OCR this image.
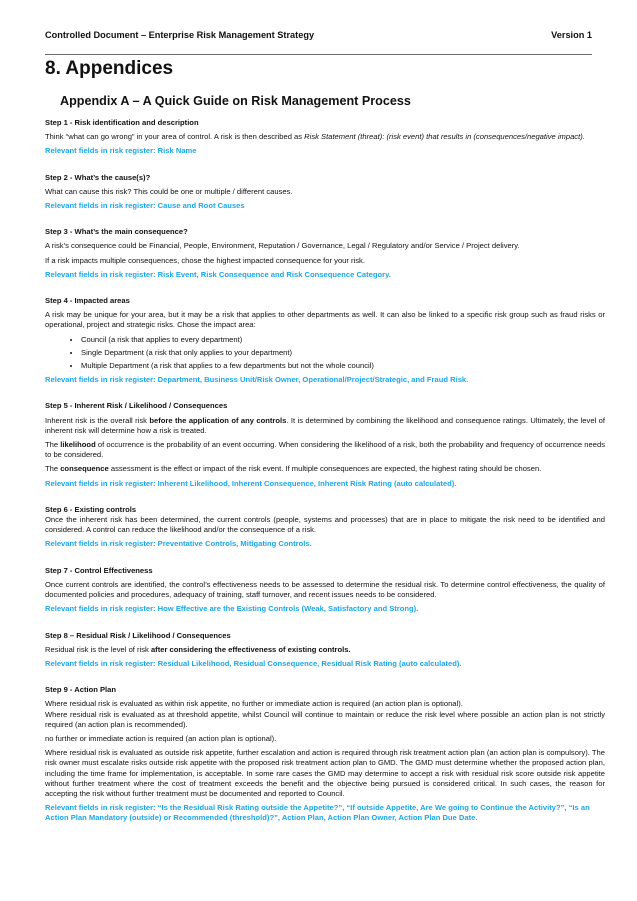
Controlled Document – Enterprise Risk Management Strategy	Version 1
8. Appendices
Appendix A – A Quick Guide on Risk Management Process

Step 1 - Risk identification and description

Think “what can go wrong” in your area of control. A risk is then described as Risk Statement (threat): (risk event) that results in (consequences/negative impact).

Relevant fields in risk register: Risk Name

Step 2 - What’s the cause(s)?

What can cause this risk? This could be one or multiple / different causes.

Relevant fields in risk register: Cause and Root Causes

Step 3 - What’s the main consequence?

A risk’s consequence could be Financial, People, Environment, Reputation / Governance, Legal / Regulatory and/or Service / Project delivery.

If a risk impacts multiple consequences, chose the highest impacted consequence for your risk.

Relevant fields in risk register: Risk Event, Risk Consequence and Risk Consequence Category.

Step 4 - Impacted areas

A risk may be unique for your area, but it may be a risk that applies to other departments as well. It can also be linked to a specific risk group such as fraud risks or operational, project and strategic risks. Chose the impact area:

• Council (a risk that applies to every department)
• Single Department (a risk that only applies to your department)
• Multiple Department (a risk that applies to a few departments but not the whole council)

Relevant fields in risk register: Department, Business Unit/Risk Owner, Operational/Project/Strategic, and Fraud Risk.

Step 5 - Inherent Risk / Likelihood / Consequences

Inherent risk is the overall risk before the application of any controls. It is determined by combining the likelihood and consequence ratings. Ultimately, the level of inherent risk will determine how a risk is treated.

The likelihood of occurrence is the probability of an event occurring. When considering the likelihood of a risk, both the probability and frequency of occurrence needs to be considered.

The consequence assessment is the effect or impact of the risk event. If multiple consequences are expected, the highest rating should be chosen.

Relevant fields in risk register: Inherent Likelihood, Inherent Consequence, Inherent Risk Rating (auto calculated).

Step 6 - Existing controls

Once the inherent risk has been determined, the current controls (people, systems and processes) that are in place to mitigate the risk need to be identified and considered. A control can reduce the likelihood and/or the consequence of a risk.

Relevant fields in risk register: Preventative Controls, Mitigating Controls.

Step 7 - Control Effectiveness

Once current controls are identified, the control’s effectiveness needs to be assessed to determine the residual risk. To determine control effectiveness, the quality of documented policies and procedures, adequacy of training, staff turnover, and recent issues needs to be considered.

Relevant fields in risk register: How Effective are the Existing Controls (Weak, Satisfactory and Strong).

Step 8 – Residual Risk / Likelihood / Consequences

Residual risk is the level of risk after considering the effectiveness of existing controls.

Relevant fields in risk register: Residual Likelihood, Residual Consequence, Residual Risk Rating (auto calculated).

Step 9 - Action Plan

Where residual risk is evaluated as within risk appetite, no further or immediate action is required (an action plan is optional).

Where residual risk is evaluated as at threshold appetite, whilst Council will continue to maintain or reduce the risk level where possible an action plan is not strictly required (an action plan is recommended).

no further or immediate action is required (an action plan is optional).

Where residual risk is evaluated as outside risk appetite, further escalation and action is required through risk treatment action plan (an action plan is compulsory). The risk owner must escalate risks outside risk appetite with the proposed risk treatment action plan to GMD. The GMD must determine whether the proposed action plan, including the time frame for implementation, is acceptable. In some rare cases the GMD may determine to accept a risk with residual risk score outside risk appetite without further treatment where the cost of treatment exceeds the benefit and the objective being pursued is considered critical. In such cases, the reason for accepting the risk without further treatment must be documented and reported to Council.

Relevant fields in risk register: “Is the Residual Risk Rating outside the Appetite?”, “If outside Appetite, Are We going to Continue the Activity?”, “Is an Action Plan Mandatory (outside) or Recommended (threshold)?”, Action Plan, Action Plan Owner, Action Plan Due Date.
